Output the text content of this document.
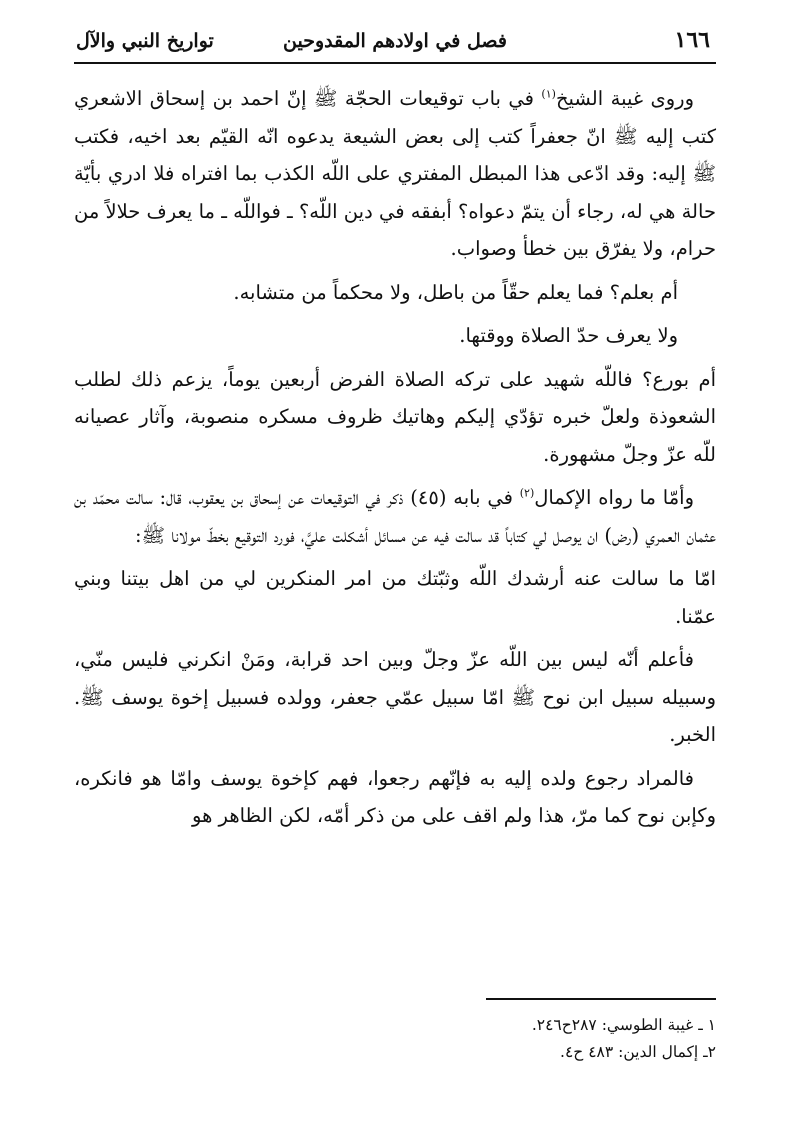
١٦٦
فصل في اولادهم المقدوحين
تواريخ النبي والآل

وروى غيبة الشيخ$^{(١)}$ في باب توقيعات الحجّة ﷺ إنّ احمد بن إسحاق الاشعري كتب إليه ﷺ انّ جعفراً كتب إلى بعض الشيعة يدعوه انّه القيّم بعد اخيه، فكتب ﷺ إليه: وقد ادّعى هذا المبطل المفتري على اللّه الكذب بما افتراه فلا ادري بأيّة حالة هي له، رجاء أن يتمّ دعواه؟ أبفقه في دين اللّه؟ ـ فواللّه ـ ما يعرف حلالاً من حرام، ولا يفرّق بين خطأ وصواب.

أم بعلم؟ فما يعلم حقّاً من باطل، ولا محكماً من متشابه.

ولا يعرف حدّ الصلاة ووقتها.

أم بورع؟ فاللّه شهيد على تركه الصلاة الفرض أربعين يوماً، يزعم ذلك لطلب الشعوذة ولعلّ خبره تؤدّي إليكم وهاتيك ظروف مسكره منصوبة، وآثار عصيانه للّه عزّ وجلّ مشهورة.

وأمّا ما رواه الإكمال$^{(٢)}$ في بابه (٤٥) ذكر في التوقيعات عن إسحاق بن يعقوب، قال: سالت محمّد بن عثمان العمري (رض) ان يوصل لي كتاباً قد سالت فيه عن مسائل أشكلت عليَّ، فورد التوقيع بخطّ مولانا ﷺ:

امّا ما سالت عنه أرشدك اللّه وثبّتك من امر المنكرين لي من اهل بيتنا وبني عمّنا.

فأعلم أنّه ليس بين اللّه عزّ وجلّ وبين احد قرابة، ومَنْ انكرني فليس منّي، وسبيله سبيل ابن نوح ﷺ امّا سبيل عمّي جعفر، وولده فسبيل إخوة يوسف ﷺ. الخبر.

فالمراد رجوع ولده إليه به فإنّهم رجعوا، فهم كإخوة يوسف وامّا هو فانكره، وكإبن نوح كما مرّ، هذا ولم اقف على من ذكر أمّه، لكن الظاهر هو

١ ـ غيبة الطوسي: ٢٨٧ح٢٤٦.
٢ـ إكمال الدين: ٤٨٣ ح٤.
